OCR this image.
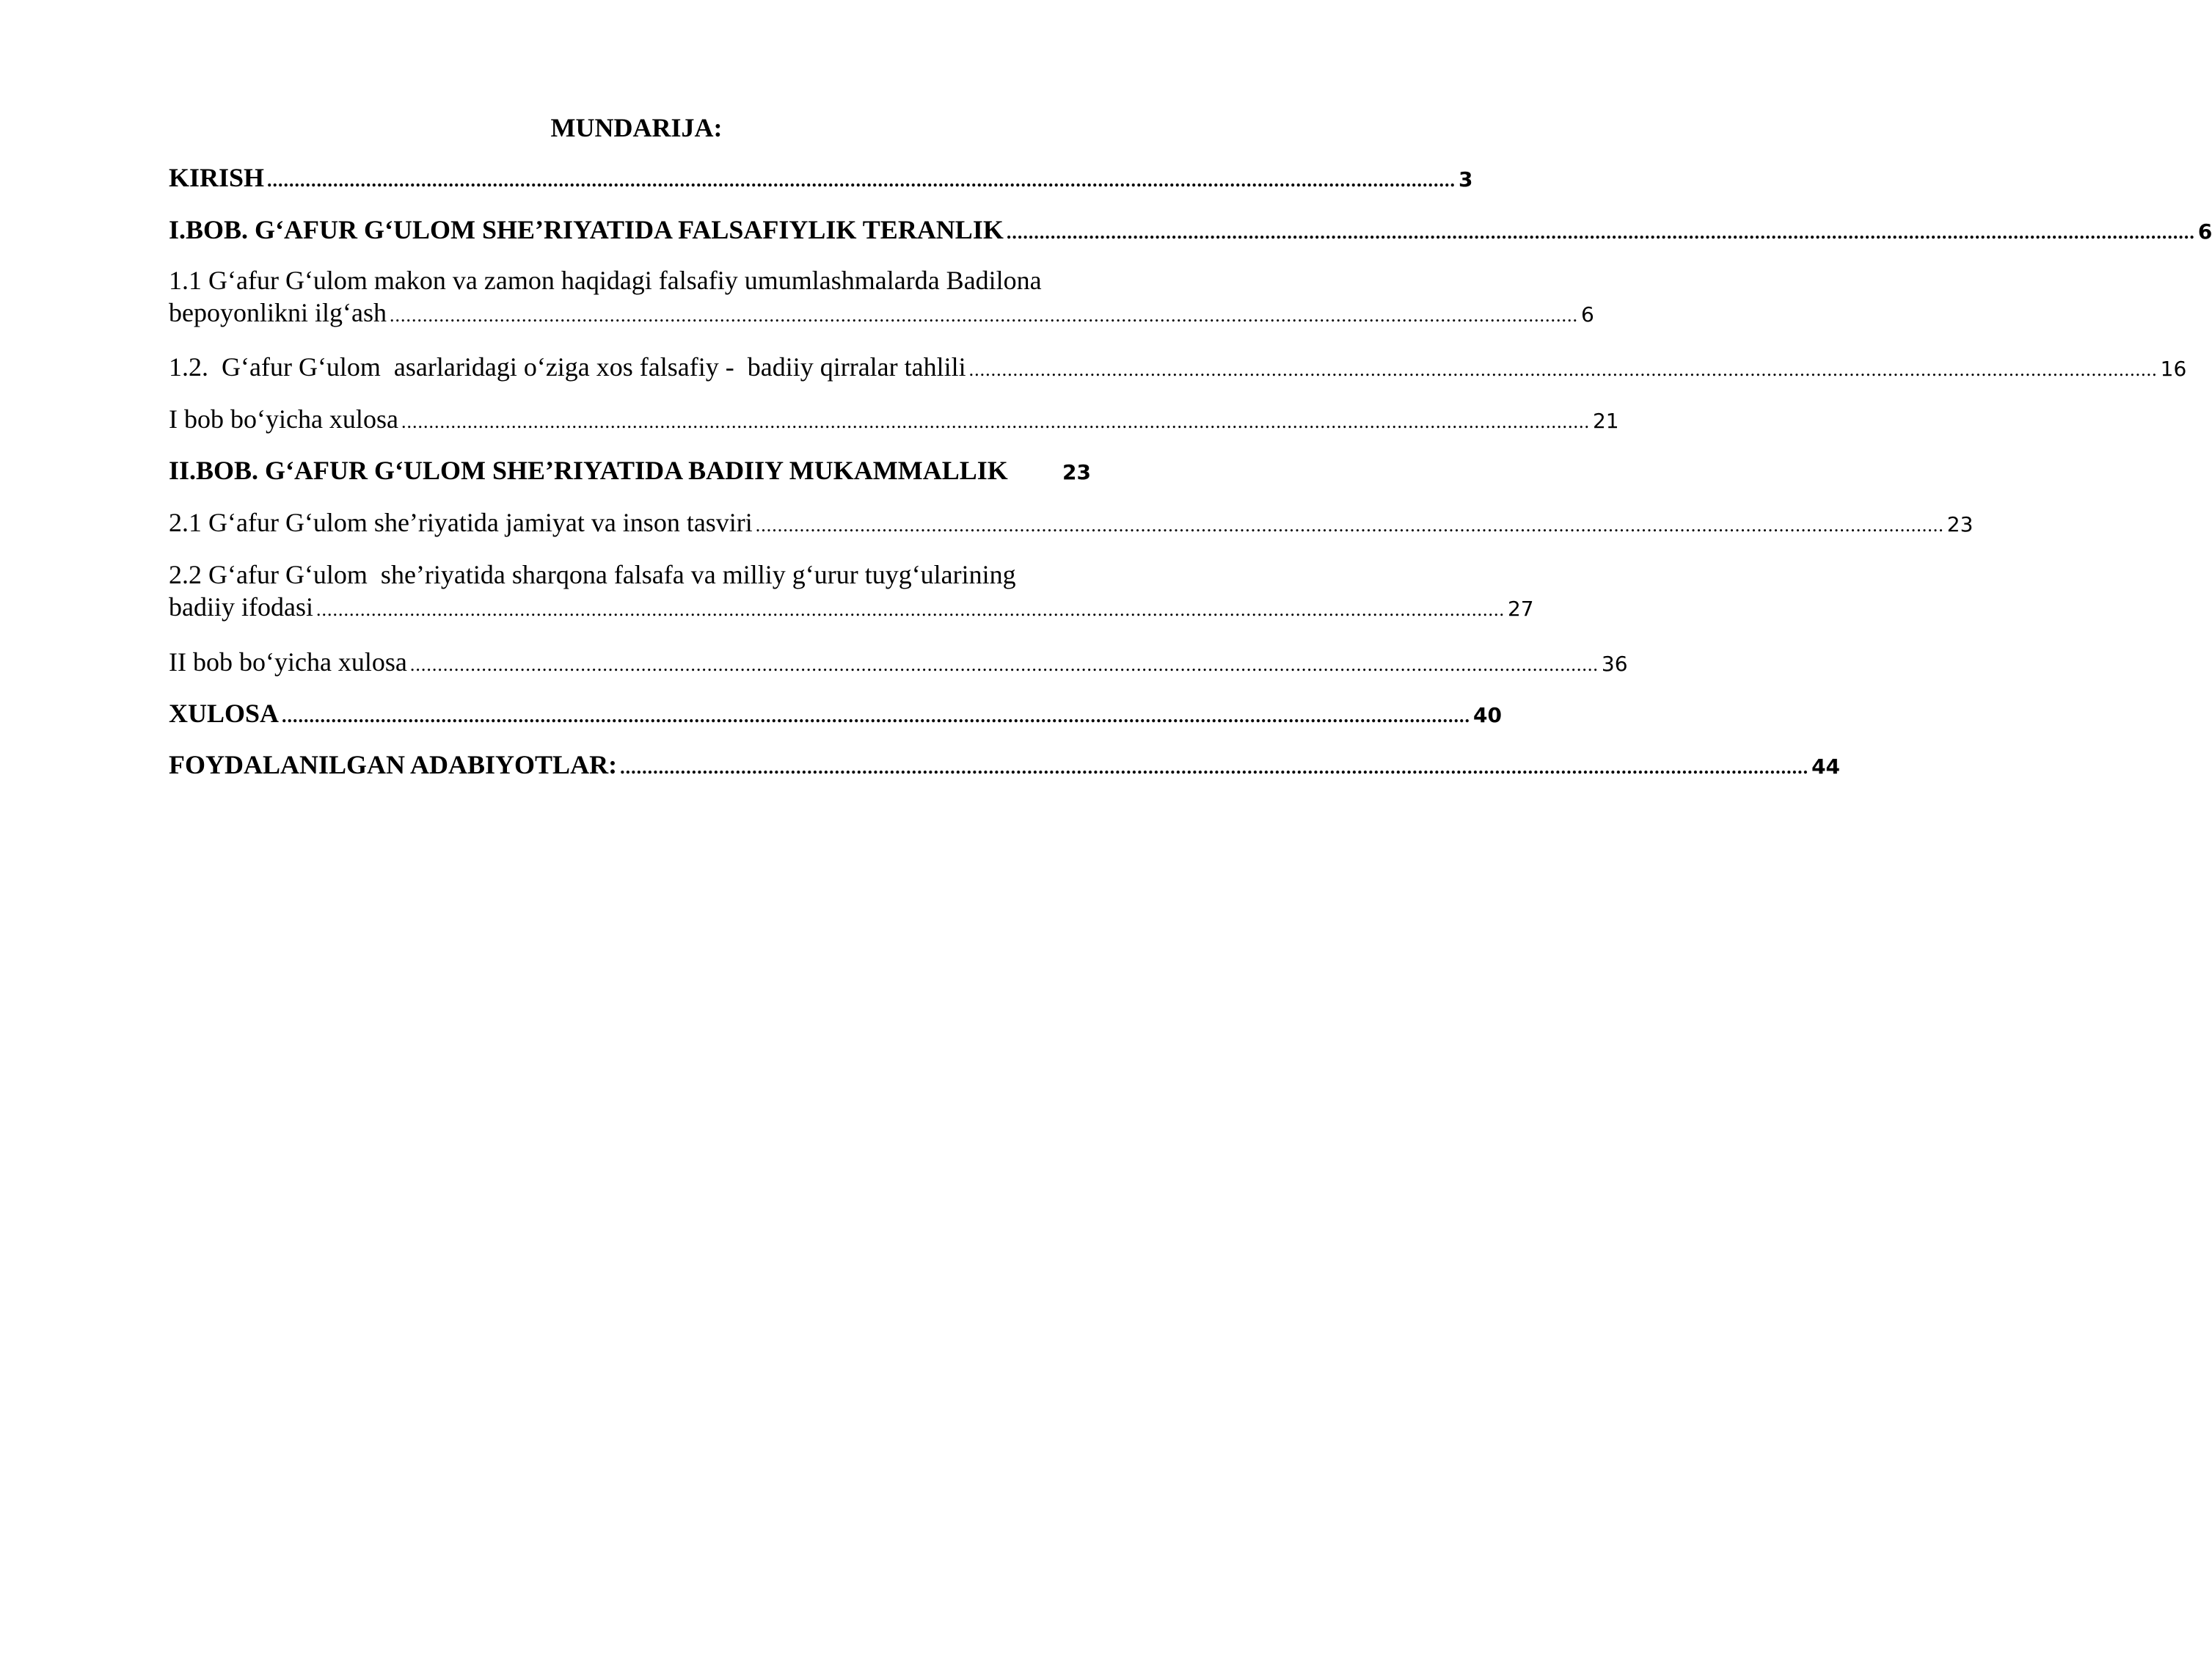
MUNDARIJA:
KIRISH ........................................................................................................................................................................................................................ 3
I.BOB. G‘AFUR G‘ULOM SHE’RIYATIDA FALSAFIYLIK TERANLIK ........................................................................................................................................................................................................................ 6
1.1 G‘afur G‘ulom makon va zamon haqidagi falsafiy umumlashmalarda Badilona
bepoyonlikni ilg‘ash ........................................................................................................................................................................................................................ 6
1.2.  G‘afur G‘ulom  asarlaridagi o‘ziga xos falsafiy -  badiiy qirralar tahlili ........................................................................................................................................................................................................................ 16
I bob bo‘yicha xulosa ........................................................................................................................................................................................................................ 21
II.BOB. G‘AFUR G‘ULOM SHE’RIYATIDA BADIIY MUKAMMALLIK	23
2.1 G‘afur G‘ulom she’riyatida jamiyat va inson tasviri ........................................................................................................................................................................................................................ 23
2.2 G‘afur G‘ulom  she’riyatida sharqona falsafa va milliy g‘urur tuyg‘ularining
badiiy ifodasi ........................................................................................................................................................................................................................ 27
II bob bo‘yicha xulosa ........................................................................................................................................................................................................................ 36
XULOSA ........................................................................................................................................................................................................................ 40
FOYDALANILGAN ADABIYOTLAR: ........................................................................................................................................................................................................................ 44
